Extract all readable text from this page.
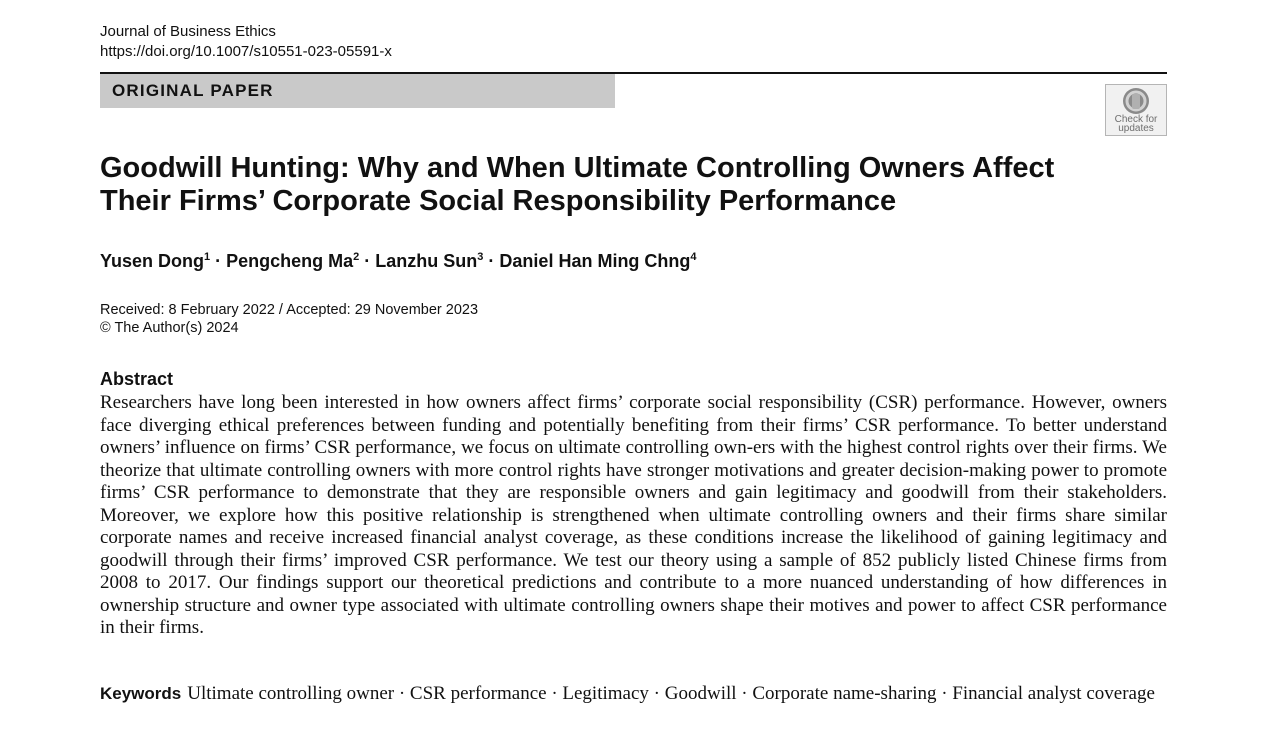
Journal of Business Ethics
https://doi.org/10.1007/s10551-023-05591-x
ORIGINAL PAPER
Check for
updates
Goodwill Hunting: Why and When Ultimate Controlling Owners Affect
Their Firms’ Corporate Social Responsibility Performance
Yusen Dong$^1$ · Pengcheng $Ma^2$ · Lanzhu Sun$^3$ · Daniel Han Ming Chng$^4$
Received: 8 February 2022 / Accepted: 29 November 2023
© The Author(s) 2024
Abstract

Researchers have long been interested in how owners affect firms’ corporate social responsibility (CSR) performance. However, owners face diverging ethical preferences between funding and potentially benefiting from their firms’ CSR performance. To better understand owners’ influence on firms’ CSR performance, we focus on ultimate controlling own-ers with the highest control rights over their firms. We theorize that ultimate controlling owners with more control rights have stronger motivations and greater decision-making power to promote firms’ CSR performance to demonstrate that they are responsible owners and gain legitimacy and goodwill from their stakeholders. Moreover, we explore how this positive relationship is strengthened when ultimate controlling owners and their firms share similar corporate names and receive increased financial analyst coverage, as these conditions increase the likelihood of gaining legitimacy and goodwill through their firms’ improved CSR performance. We test our theory using a sample of 852 publicly listed Chinese firms from 2008 to 2017. Our findings support our theoretical predictions and contribute to a more nuanced understanding of how differences in ownership structure and owner type associated with ultimate controlling owners shape their motives and power to affect CSR performance in their firms.

Keywords Ultimate controlling owner · CSR performance · Legitimacy · Goodwill · Corporate name-sharing · Financial analyst coverage
